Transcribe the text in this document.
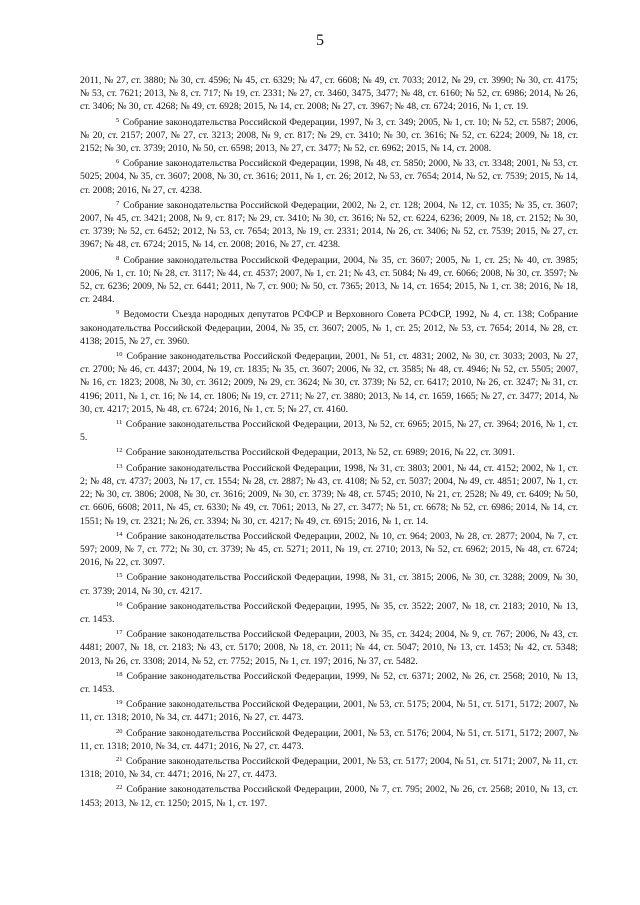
5

2011, № 27, ст. 3880; № 30, ст. 4596; № 45, ст. 6329; № 47, ст. 6608; № 49, ст. 7033; 2012, № 29, ст. 3990; № 30, ст. 4175; № 53, ст. 7621; 2013, № 8, ст. 717; № 19, ст. 2331; № 27, ст. 3460, 3475, 3477; № 48, ст. 6160; № 52, ст. 6986; 2014, № 26, ст. 3406; № 30, ст. 4268; № 49, ст. 6928; 2015, № 14, ст. 2008; № 27, ст. 3967; № 48, ст. 6724; 2016, № 1, ст. 19.

$^5$ Собрание законодательства Российской Федерации, 1997, № 3, ст. 349; 2005, № 1, ст. 10; № 52, ст. 5587; 2006, № 20, ст. 2157; 2007, № 27, ст. 3213; 2008, № 9, ст. 817; № 29, ст. 3410; № 30, ст. 3616; № 52, ст. 6224; 2009, № 18, ст. 2152; № 30, ст. 3739; 2010, № 50, ст. 6598; 2013, № 27, ст. 3477; № 52, ст. 6962; 2015, № 14, ст. 2008.

$^6$ Собрание законодательства Российской Федерации, 1998, № 48, ст. 5850; 2000, № 33, ст. 3348; 2001, № 53, ст. 5025; 2004, № 35, ст. 3607; 2008, № 30, ст. 3616; 2011, № 1, ст. 26; 2012, № 53, ст. 7654; 2014, № 52, ст. 7539; 2015, № 14, ст. 2008; 2016, № 27, ст. 4238.

$^7$ Собрание законодательства Российской Федерации, 2002, № 2, ст. 128; 2004, № 12, ст. 1035; № 35, ст. 3607; 2007, № 45, ст. 3421; 2008, № 9, ст. 817; № 29, ст. 3410; № 30, ст. 3616; № 52, ст. 6224, 6236; 2009, № 18, ст. 2152; № 30, ст. 3739; № 52, ст. 6452; 2012, № 53, ст. 7654; 2013, № 19, ст. 2331; 2014, № 26, ст. 3406; № 52, ст. 7539; 2015, № 27, ст. 3967; № 48, ст. 6724; 2015, № 14, ст. 2008; 2016, № 27, ст. 4238.

$^8$ Собрание законодательства Российской Федерации, 2004, № 35, ст. 3607; 2005, № 1, ст. 25; № 40, ст. 3985; 2006, № 1, ст. 10; № 28, ст. 3117; № 44, ст. 4537; 2007, № 1, ст. 21; № 43, ст. 5084; № 49, ст. 6066; 2008, № 30, ст. 3597; № 52, ст. 6236; 2009, № 52, ст. 6441; 2011, № 7, ст. 900; № 50, ст. 7365; 2013, № 14, ст. 1654; 2015, № 1, ст. 38; 2016, № 18, ст. 2484.

$^9$ Ведомости Съезда народных депутатов РСФСР и Верховного Совета РСФСР, 1992, № 4, ст. 138; Собрание законодательства Российской Федерации, 2004, № 35, ст. 3607; 2005, № 1, ст. 25; 2012, № 53, ст. 7654; 2014, № 28, ст. 4138; 2015, № 27, ст. 3960.

$^{10}$ Собрание законодательства Российской Федерации, 2001, № 51, ст. 4831; 2002, № 30, ст. 3033; 2003, № 27, ст. 2700; № 46, ст. 4437; 2004, № 19, ст. 1835; № 35, ст. 3607; 2006, № 32, ст. 3585; № 48, ст. 4946; № 52, ст. 5505; 2007, № 16, ст. 1823; 2008, № 30, ст. 3612; 2009, № 29, ст. 3624; № 30, ст. 3739; № 52, ст. 6417; 2010, № 26, ст. 3247; № 31, ст. 4196; 2011, № 1, ст. 16; № 14, ст. 1806; № 19, ст. 2711; № 27, ст. 3880; 2013, № 14, ст. 1659, 1665; № 27, ст. 3477; 2014, № 30, ст. 4217; 2015, № 48, ст. 6724; 2016, № 1, ст. 5; № 27, ст. 4160.

$^{11}$ Собрание законодательства Российской Федерации, 2013, № 52, ст. 6965; 2015, № 27, ст. 3964; 2016, № 1, ст. 5.

$^{12}$ Собрание законодательства Российской Федерации, 2013, № 52, ст. 6989; 2016, № 22, ст. 3091.

$^{13}$ Собрание законодательства Российской Федерации, 1998, № 31, ст. 3803; 2001, № 44, ст. 4152; 2002, № 1, ст. 2; № 48, ст. 4737; 2003, № 17, ст. 1554; № 28, ст. 2887; № 43, ст. 4108; № 52, ст. 5037; 2004, № 49, ст. 4851; 2007, № 1, ст. 22; № 30, ст. 3806; 2008, № 30, ст. 3616; 2009, № 30, ст. 3739; № 48, ст. 5745; 2010, № 21, ст. 2528; № 49, ст. 6409; № 50, ст. 6606, 6608; 2011, № 45, ст. 6330; № 49, ст. 7061; 2013, № 27, ст. 3477; № 51, ст. 6678; № 52, ст. 6986; 2014, № 14, ст. 1551; № 19, ст. 2321; № 26, ст. 3394; № 30, ст. 4217; № 49, ст. 6915; 2016, № 1, ст. 14.

$^{14}$ Собрание законодательства Российской Федерации, 2002, № 10, ст. 964; 2003, № 28, ст. 2877; 2004, № 7, ст. 597; 2009, № 7, ст. 772; № 30, ст. 3739; № 45, ст. 5271; 2011, № 19, ст. 2710; 2013, № 52, ст. 6962; 2015, № 48, ст. 6724; 2016, № 22, ст. 3097.

$^{15}$ Собрание законодательства Российской Федерации, 1998, № 31, ст. 3815; 2006, № 30, ст. 3288; 2009, № 30, ст. 3739; 2014, № 30, ст. 4217.

$^{16}$ Собрание законодательства Российской Федерации, 1995, № 35, ст. 3522; 2007, № 18, ст. 2183; 2010, № 13, ст. 1453.

$^{17}$ Собрание законодательства Российской Федерации, 2003, № 35, ст. 3424; 2004, № 9, ст. 767; 2006, № 43, ст. 4481; 2007, № 18, ст. 2183; № 43, ст. 5170; 2008, № 18, ст. 2011; № 44, ст. 5047; 2010, № 13, ст. 1453; № 42, ст. 5348; 2013, № 26, ст. 3308; 2014, № 52, ст. 7752; 2015, № 1, ст. 197; 2016, № 37, ст. 5482.

$^{18}$ Собрание законодательства Российской Федерации, 1999, № 52, ст. 6371; 2002, № 26, ст. 2568; 2010, № 13, ст. 1453.

$^{19}$ Собрание законодательства Российской Федерации, 2001, № 53, ст. 5175; 2004, № 51, ст. 5171, 5172; 2007, № 11, ст. 1318; 2010, № 34, ст. 4471; 2016, № 27, ст. 4473.

$^{20}$ Собрание законодательства Российской Федерации, 2001, № 53, ст. 5176; 2004, № 51, ст. 5171, 5172; 2007, № 11, ст. 1318; 2010, № 34, ст. 4471; 2016, № 27, ст. 4473.

$^{21}$ Собрание законодательства Российской Федерации, 2001, № 53, ст. 5177; 2004, № 51, ст. 5171; 2007, № 11, ст. 1318; 2010, № 34, ст. 4471; 2016, № 27, ст. 4473.

$^{22}$ Собрание законодательства Российской Федерации, 2000, № 7, ст. 795; 2002, № 26, ст. 2568; 2010, № 13, ст. 1453; 2013, № 12, ст. 1250; 2015, № 1, ст. 197.
